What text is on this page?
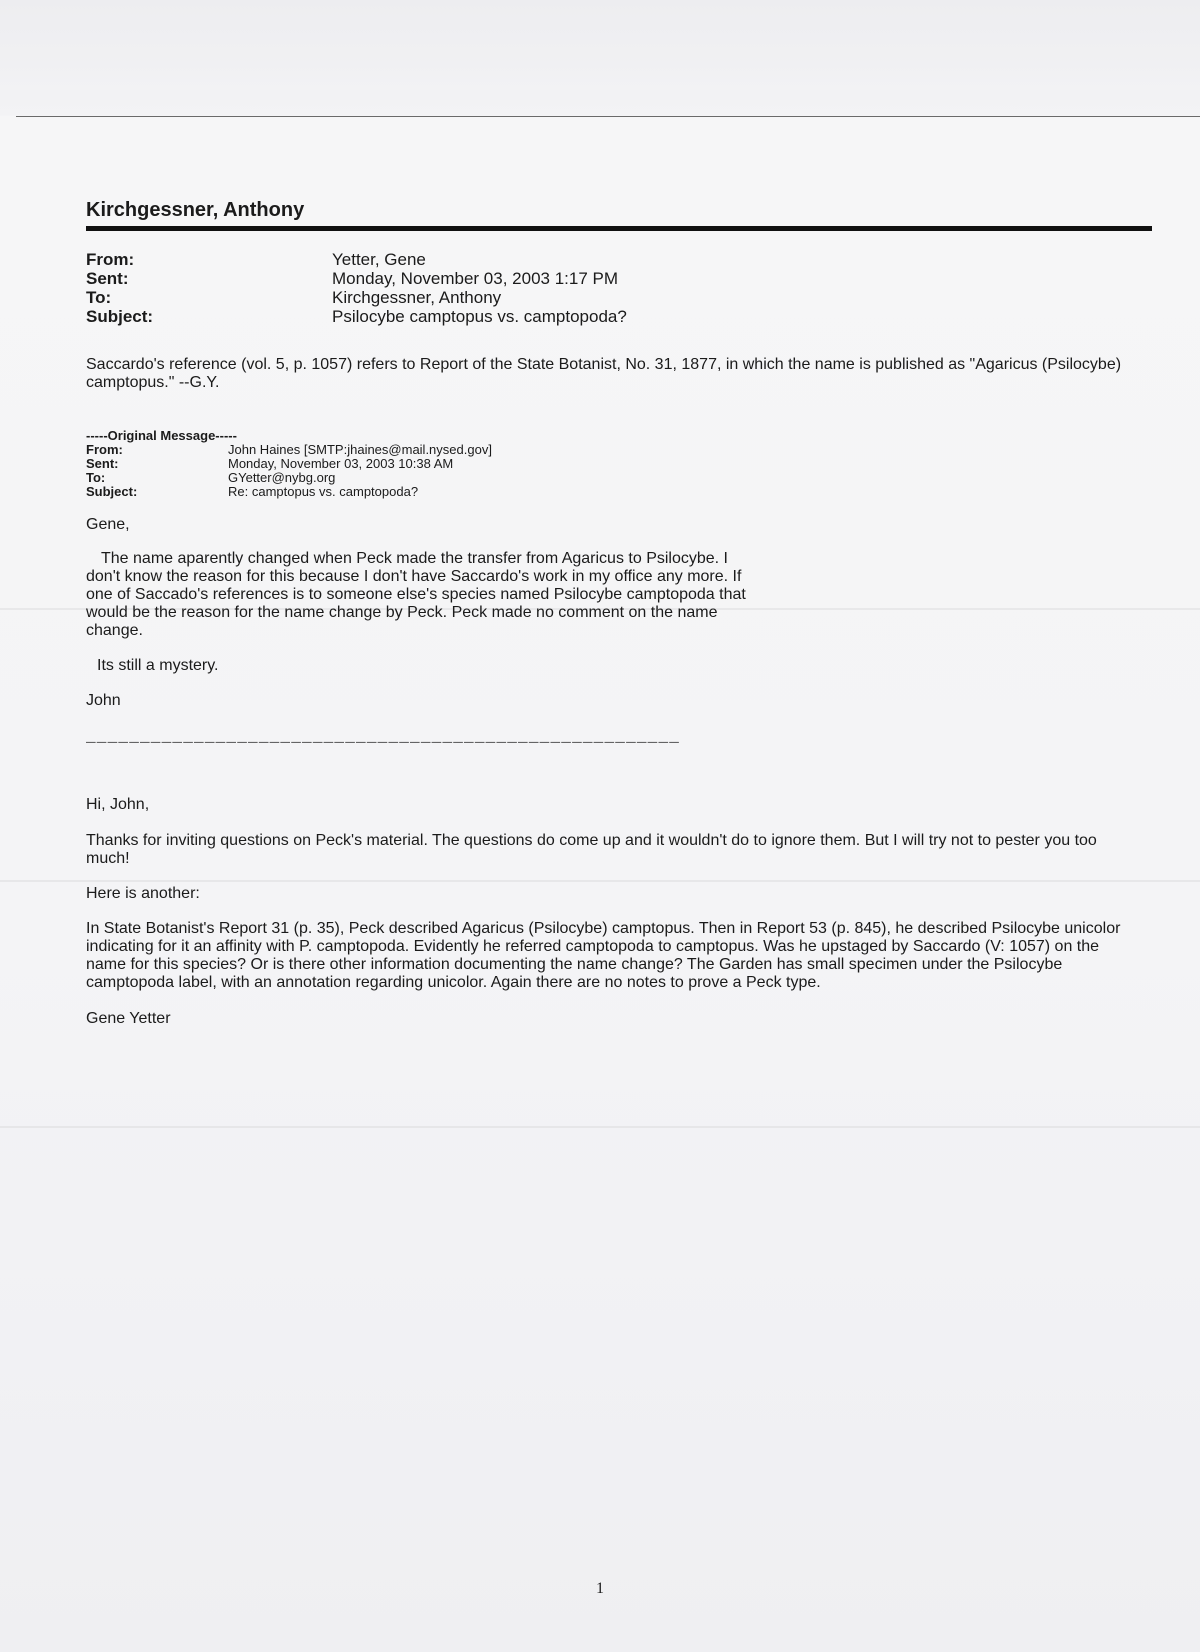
Kirchgessner, Anthony
From:	Yetter, Gene
Sent:	Monday, November 03, 2003 1:17 PM
To:	Kirchgessner, Anthony
Subject:	Psilocybe camptopus vs. camptopoda?

Saccardo's reference (vol. 5, p. 1057) refers to Report of the State Botanist, No. 31, 1877, in which the name is published as "Agaricus (Psilocybe) camptopus." --G.Y.

-----Original Message-----
From:	John Haines [SMTP:jhaines@mail.nysed.gov]
Sent:	Monday, November 03, 2003 10:38 AM
To:	GYetter@nybg.org
Subject:	Re: camptopus vs. camptopoda?

Gene,

The name aparently changed when Peck made the transfer from Agaricus to Psilocybe. I don't know the reason for this because I don't have Saccardo's work in my office any more. If one of Saccado's references is to someone else's species named Psilocybe camptopoda that would be the reason for the name change by Peck. Peck made no comment on the name change.

Its still a mystery.

John

_______________________________________________________

Hi, John,

Thanks for inviting questions on Peck's material. The questions do come up and it wouldn't do to ignore them. But I will try not to pester you too much!

Here is another:

In State Botanist's Report 31 (p. 35), Peck described Agaricus (Psilocybe) camptopus. Then in Report 53 (p. 845), he described Psilocybe unicolor indicating for it an affinity with P. camptopoda. Evidently he referred camptopoda to camptopus. Was he upstaged by Saccardo (V: 1057) on the name for this species? Or is there other information documenting the name change? The Garden has small specimen under the Psilocybe camptopoda label, with an annotation regarding unicolor. Again there are no notes to prove a Peck type.

Gene Yetter

1
